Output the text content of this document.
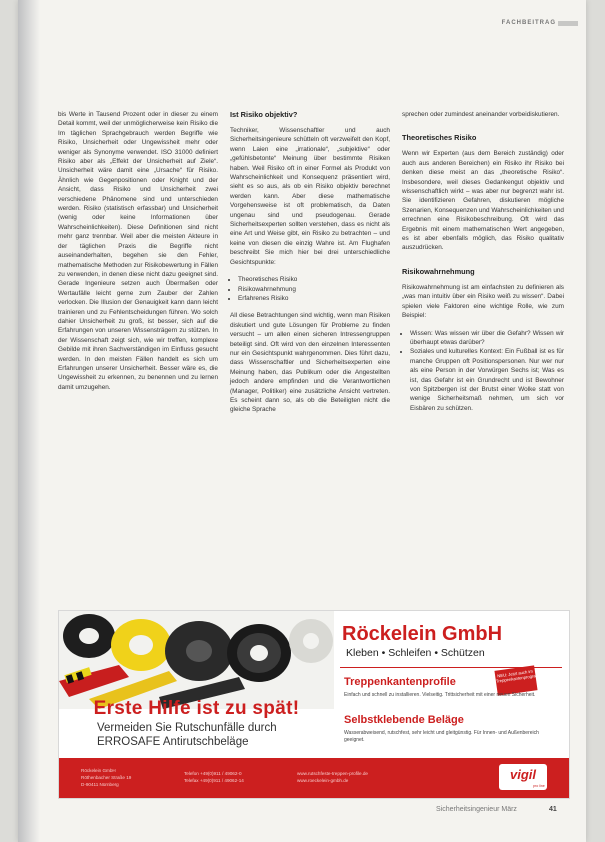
FACHBEITRAG

bis Werte in Tausend Prozent oder in dieser zu einem Detail kommt, weil der unmöglicherweise kein Risiko die Im täglichen Sprachgebrauch werden Begriffe wie Risiko, Unsicherheit oder Ungewissheit mehr oder weniger als Synonyme verwendet. ISO 31000 definiert Risiko aber als „Effekt der Unsicherheit auf Ziele“. Unsicherheit wäre damit eine „Ursache“ für Risiko. Ähnlich wie Gegenpositionen oder Knight und der Ansicht, dass Risiko und Unsicherheit zwei verschiedene Phänomene sind und unterschieden werden. Risiko (statistisch erfassbar) und Unsicherheit (wenig oder keine Informationen über Wahrscheinlichkeiten). Diese Definitionen sind nicht mehr ganz trennbar. Weil aber die meisten Akteure in der täglichen Praxis die Begriffe nicht auseinanderhalten, begehen sie den Fehler, mathematische Methoden zur Risikobewertung in Fällen zu verwenden, in denen diese nicht dazu geeignet sind. Gerade Ingenieure setzen auch Übermaßen oder Wertaufälle leicht gerne zum Zauber der Zahlen verlocken. Die Illusion der Genauigkeit kann dann leicht trainieren und zu Fehlentscheidungen führen. Wo solch dahier Unsicherheit zu groß, ist besser, sich auf die Erfahrungen von unseren Wissensträgern zu stützen. In der Wissenschaft zeigt sich, wie wir treffen, komplexe Gebilde mit ihren Sachverständigen im Einfluss gesucht werden. In den meisten Fällen handelt es sich um Erfahrungen unserer Unsicherheit. Besser wäre es, die Ungewissheit zu erkennen, zu benennen und zu lernen damit umzugehen.

Ist Risiko objektiv?

Techniker, Wissenschaftler und auch Sicherheitsingenieure schütteln oft verzweifelt den Kopf, wenn Laien eine „irrationale“, „subjektive“ oder „gefühlsbetonte“ Meinung über bestimmte Risiken haben. Weil Risiko oft in einer Formel als Produkt von Wahrscheinlichkeit und Konsequenz präsentiert wird, sieht es so aus, als ob ein Risiko objektiv berechnet werden kann. Aber diese mathematische Vorgehensweise ist oft problematisch, da Daten ungenau sind und pseudogenau. Gerade Sicherheitsexperten sollten verstehen, dass es nicht als eine Art und Weise gibt, ein Risiko zu betrachten – und keine von diesen die einzig Wahre ist. Am Flughafen beschreibt Sie mich hier bei drei unterschiedliche Gesichtspunkte:

• Theoretisches Risiko
• Risikowahrnehmung
• Erfahrenes Risiko

All diese Betrachtungen sind wichtig, wenn man Risiken diskutiert und gute Lösungen für Probleme zu finden versucht – um allen einen sicheren Intressengruppen beteiligt sind. Oft wird von den einzelnen Interessenten nur ein Gesichtspunkt wahrgenommen. Dies führt dazu, dass Wissenschaftler und Sicherheitsexperten eine Meinung haben, das Publikum oder die Angestellten jedoch andere empfinden und die Verantwortlichen (Manager, Politiker) eine zusätzliche Ansicht vertreten. Es scheint dann so, als ob die Beteiligten nicht die gleiche Sprache

sprechen oder zumindest aneinander vorbeidiskutieren.

Theoretisches Risiko

Wenn wir Experten (aus dem Bereich zuständig) oder auch aus anderen Bereichen) ein Risiko ihr Risiko bei denken diese meist an das „theoretische Risiko“. Insbesondere, weil dieses Gedankengut objektiv und wissenschaftlich wirkt – was aber nur begrenzt wahr ist. Sie identifizieren Gefahren, diskutieren mögliche Szenarien, Konsequenzen und Wahrscheinlichkeiten und errechnen eine Risikobeschreibung. Oft wird das Ergebnis mit einem mathematischen Wert angegeben, es ist aber ebenfalls möglich, das Risiko qualitativ auszudrücken.

Risikowahrnehmung

Risikowahrnehmung ist am einfachsten zu definieren als „was man intuitiv über ein Risiko weiß zu wissen“. Dabei spielen viele Faktoren eine wichtige Rolle, wie zum Beispiel:

• Wissen: Was wissen wir über die Gefahr? Wissen wir überhaupt etwas darüber?
• Soziales und kulturelles Kontext: Ein Fußball ist es für manche Gruppen oft Positionspersonen. Nur wer nur als eine Person in der Vorwürgen Sechs ist; Was es ist, das Gefahr ist ein Grundrecht und ist Bewohner von Spitzbergen ist der Brutst einer Wolke statt von wenige Sicherheitsmaß nehmen, um sich vor Eisbären zu schützen.
Erste Hilfe ist zu spät!
Vermeiden Sie Rutschunfälle durch
ERROSAFE Antirutschbeläge
Röckelein GmbH
Kleben • Schleifen • Schützen
Treppenkantenprofile
NEU: Jetzt auch im Treppenkantenprogramm
Einfach und schnell zu installieren. Vielseitig. Trittsicherheit mit einer neuen Sicherheit.
Selbstklebende Beläge
Wasserabweisend, rutschfest, sehr leicht und gleitgünstig. Für Innen- und Außenbereich geeignet.
Röckelein GmbH
Röthenbacher Straße 19
D-90411 Nürnberg
Telefon +49(0)911 / 49062-0
Telefax +49(0)911 / 49062-14
www.rutschfeste-treppen-profile.de
www.roeckelein-gmbh.de	vigil
pro line
Sicherheitsingenieur März	41
